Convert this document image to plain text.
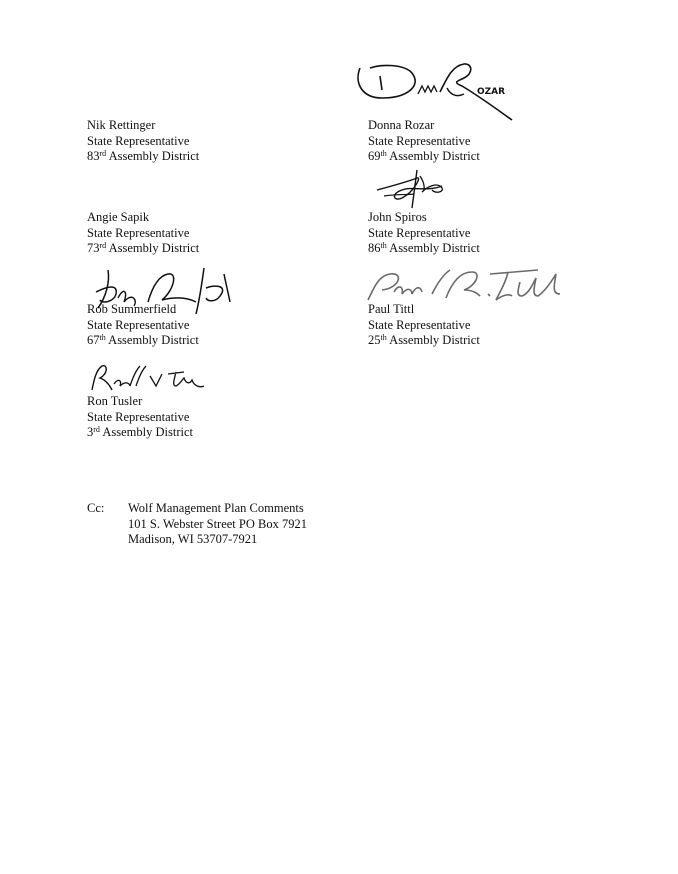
OZAR
Nik Rettinger
State Representative
83rd Assembly District
Angie Sapik
State Representative
73rd Assembly District
Rob Summerfield
State Representative
67th Assembly District
Ron Tusler
State Representative
3rd Assembly District
Donna Rozar
State Representative
69th Assembly District
John Spiros
State Representative
86th Assembly District
Paul Tittl
State Representative
25th Assembly District
Cc: Wolf Management Plan Comments
101 S. Webster Street PO Box 7921
Madison, WI 53707-7921
